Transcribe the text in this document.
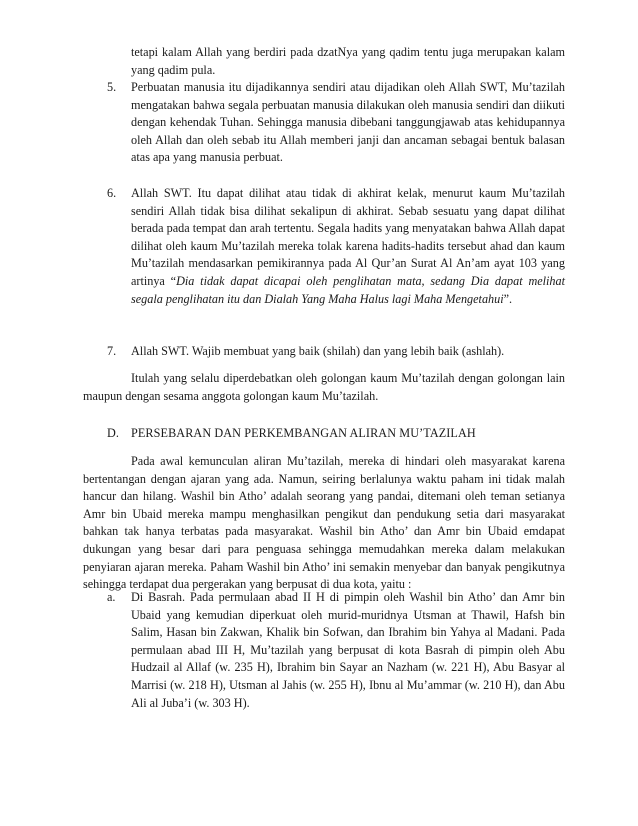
tetapi kalam Allah yang berdiri pada dzatNya yang qadim tentu juga merupakan kalam yang qadim pula.
5. Perbuatan manusia itu dijadikannya sendiri atau dijadikan oleh Allah SWT, Mu’tazilah mengatakan bahwa segala perbuatan manusia dilakukan oleh manusia sendiri dan diikuti dengan kehendak Tuhan. Sehingga manusia dibebani tanggungjawab atas kehidupannya oleh Allah dan oleh sebab itu Allah memberi janji dan ancaman sebagai bentuk balasan atas apa yang manusia perbuat.
6. Allah SWT. Itu dapat dilihat atau tidak di akhirat kelak, menurut kaum Mu’tazilah sendiri Allah tidak bisa dilihat sekalipun di akhirat. Sebab sesuatu yang dapat dilihat berada pada tempat dan arah tertentu. Segala hadits yang menyatakan bahwa Allah dapat dilihat oleh kaum Mu’tazilah mereka tolak karena hadits-hadits tersebut ahad dan kaum Mu’tazilah mendasarkan pemikirannya pada Al Qur’an Surat Al An’am ayat 103 yang artinya “Dia tidak dapat dicapai oleh penglihatan mata, sedang Dia dapat melihat segala penglihatan itu dan Dialah Yang Maha Halus lagi Maha Mengetahui”.
7. Allah SWT. Wajib membuat yang baik (shilah) dan yang lebih baik (ashlah).
Itulah yang selalu diperdebatkan oleh golongan kaum Mu’tazilah dengan golongan lain maupun dengan sesama anggota golongan kaum Mu’tazilah.
D. PERSEBARAN DAN PERKEMBANGAN ALIRAN MU’TAZILAH
Pada awal kemunculan aliran Mu’tazilah, mereka di hindari oleh masyarakat karena bertentangan dengan ajaran yang ada. Namun, seiring berlalunya waktu paham ini tidak malah hancur dan hilang. Washil bin Atho’ adalah seorang yang pandai, ditemani oleh teman setianya Amr bin Ubaid mereka mampu menghasilkan pengikut dan pendukung setia dari masyarakat bahkan tak hanya terbatas pada masyarakat. Washil bin Atho’ dan Amr bin Ubaid emdapat dukungan yang besar dari para penguasa sehingga memudahkan mereka dalam melakukan penyiaran ajaran mereka. Paham Washil bin Atho’ ini semakin menyebar dan banyak pengikutnya sehingga terdapat dua pergerakan yang berpusat di dua kota, yaitu :
a. Di Basrah. Pada permulaan abad II H di pimpin oleh Washil bin Atho’ dan Amr bin Ubaid yang kemudian diperkuat oleh murid-muridnya Utsman at Thawil, Hafsh bin Salim, Hasan bin Zakwan, Khalik bin Sofwan, dan Ibrahim bin Yahya al Madani. Pada permulaan abad III H, Mu’tazilah yang berpusat di kota Basrah di pimpin oleh Abu Hudzail al Allaf (w. 235 H), Ibrahim bin Sayar an Nazham (w. 221 H), Abu Basyar al Marrisi (w. 218 H), Utsman al Jahis (w. 255 H), Ibnu al Mu’ammar (w. 210 H), dan Abu Ali al Juba’i (w. 303 H).
